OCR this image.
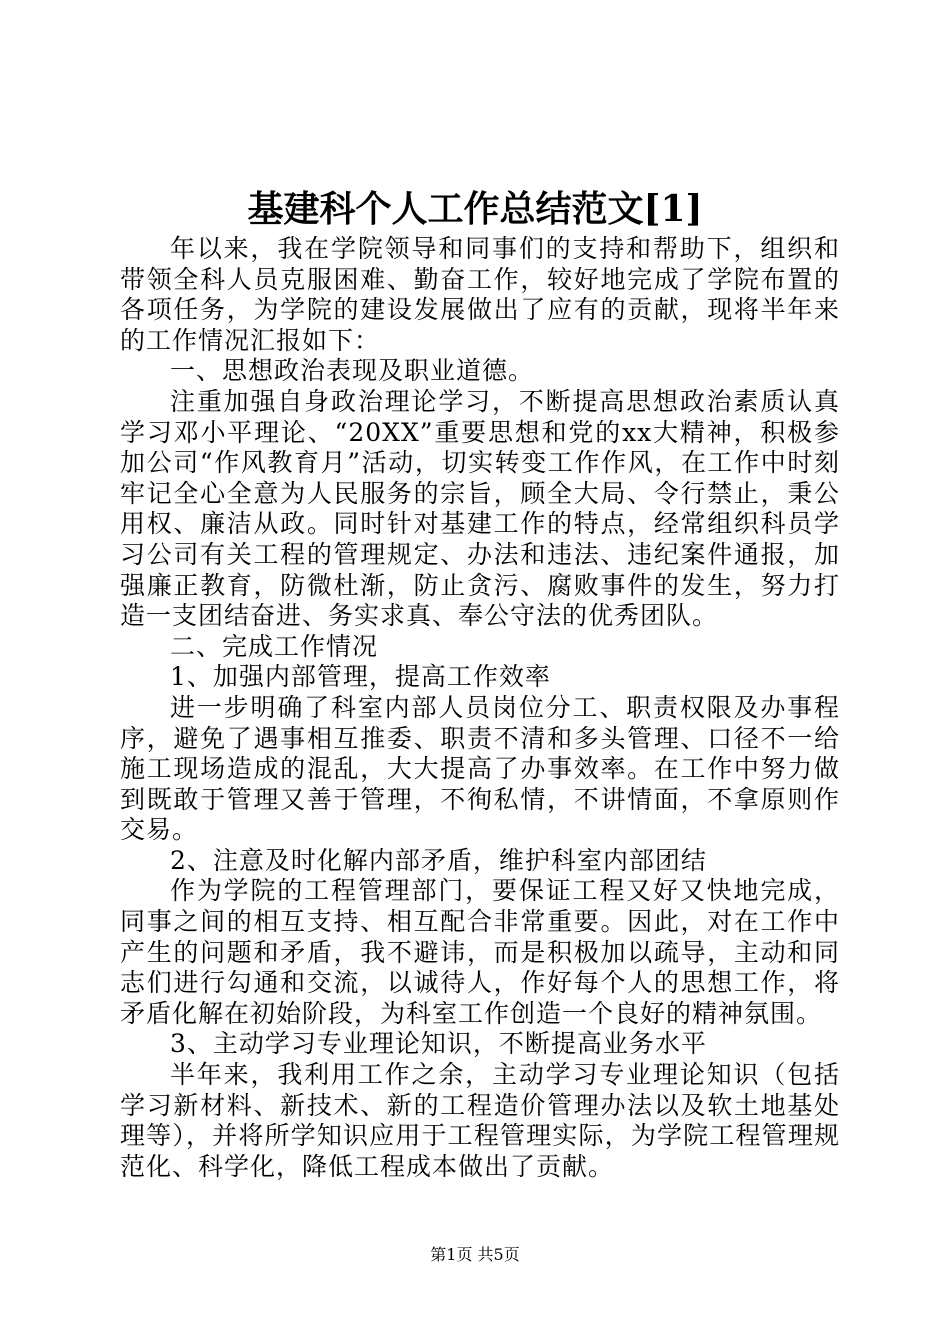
基建科个人工作总结范文[1]

年以来，我在学院领导和同事们的支持和帮助下，组织和带领全科人员克服困难、勤奋工作，较好地完成了学院布置的各项任务，为学院的建设发展做出了应有的贡献，现将半年来的工作情况汇报如下：

一、思想政治表现及职业道德。

注重加强自身政治理论学习，不断提高思想政治素质认真学习邓小平理论、“20XX”重要思想和党的xx大精神，积极参加公司“作风教育月”活动，切实转变工作作风，在工作中时刻牢记全心全意为人民服务的宗旨，顾全大局、令行禁止，秉公用权、廉洁从政。同时针对基建工作的特点，经常组织科员学习公司有关工程的管理规定、办法和违法、违纪案件通报，加强廉正教育，防微杜渐，防止贪污、腐败事件的发生，努力打造一支团结奋进、务实求真、奉公守法的优秀团队。

二、完成工作情况

1、加强内部管理，提高工作效率

进一步明确了科室内部人员岗位分工、职责权限及办事程序，避免了遇事相互推委、职责不清和多头管理、口径不一给施工现场造成的混乱，大大提高了办事效率。在工作中努力做到既敢于管理又善于管理，不徇私情，不讲情面，不拿原则作交易。

2、注意及时化解内部矛盾，维护科室内部团结

作为学院的工程管理部门，要保证工程又好又快地完成，同事之间的相互支持、相互配合非常重要。因此，对在工作中产生的问题和矛盾，我不避讳，而是积极加以疏导，主动和同志们进行勾通和交流，以诚待人，作好每个人的思想工作，将矛盾化解在初始阶段，为科室工作创造一个良好的精神氛围。

3、主动学习专业理论知识，不断提高业务水平

半年来，我利用工作之余，主动学习专业理论知识（包括学习新材料、新技术、新的工程造价管理办法以及软土地基处理等），并将所学知识应用于工程管理实际，为学院工程管理规范化、科学化，降低工程成本做出了贡献。

第1页 共5页
